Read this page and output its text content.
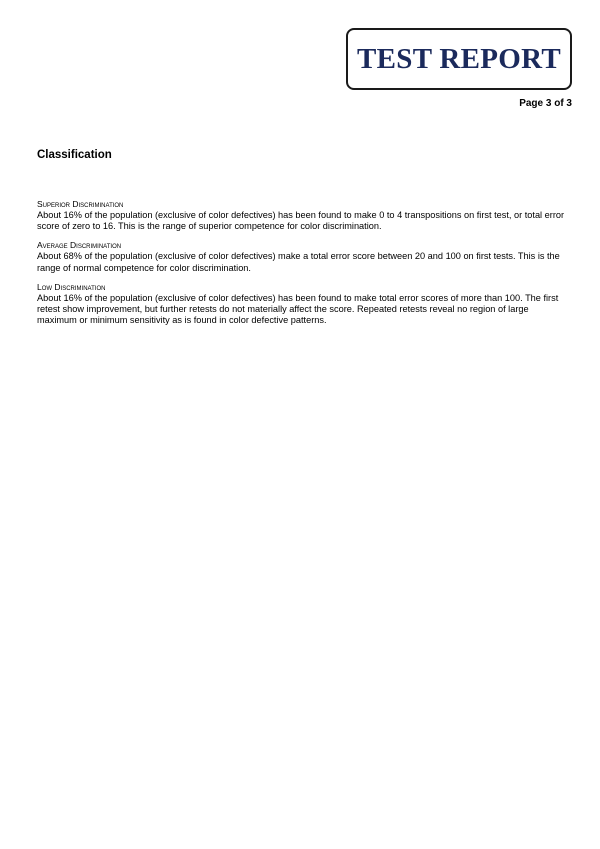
TEST REPORT
Page 3 of 3
Classification
Superior Discrimination
About 16% of the population (exclusive of color defectives) has been found to make 0 to 4 transpositions on first test, or total error score of zero to 16. This is the range of superior competence for color discrimination.
Average Discrimination
About 68% of the population (exclusive of color defectives) make a total error score between 20 and 100 on first tests. This is the range of normal competence for color discrimination.
Low Discrimination
About 16% of the population (exclusive of color defectives) has been found to make total error scores of more than 100. The first retest show improvement, but further retests do not materially affect the score. Repeated retests reveal no region of large maximum or minimum sensitivity as is found in color defective patterns.
